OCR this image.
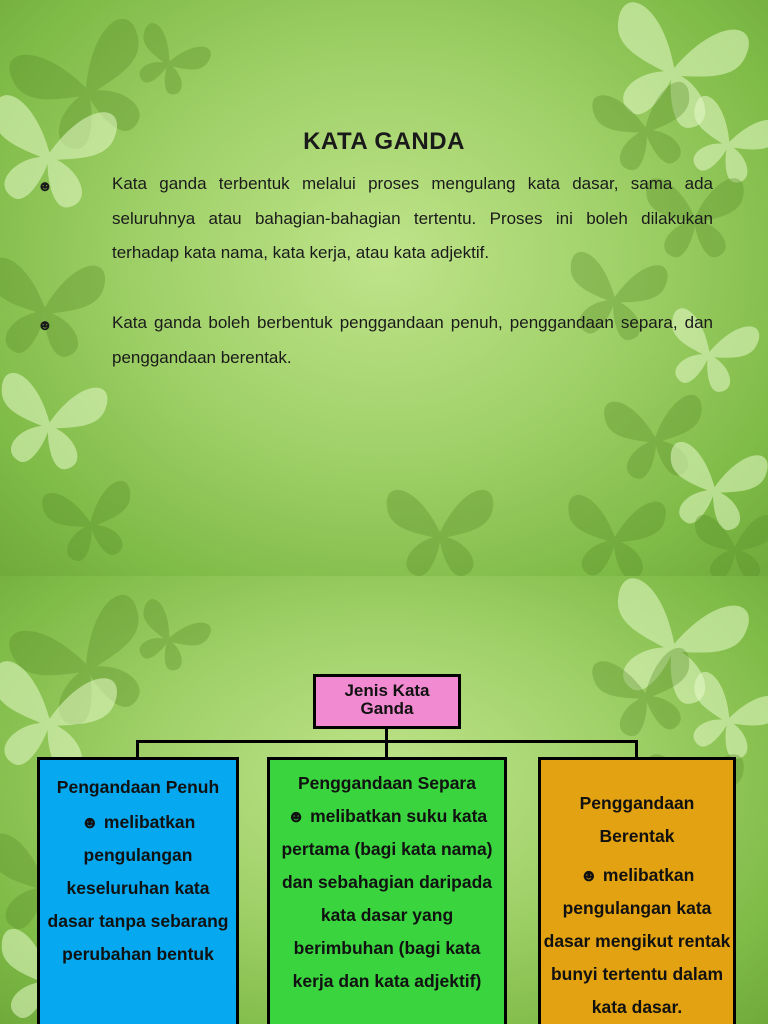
KATA GANDA
☻	Kata ganda terbentuk melalui proses mengulang kata dasar, sama ada seluruhnya atau bahagian-bahagian tertentu. Proses ini boleh dilakukan terhadap kata nama, kata kerja, atau kata adjektif.

☻	Kata ganda boleh berbentuk penggandaan penuh, penggandaan separa, dan penggandaan berentak.

Jenis Kata Ganda
Pengandaan Penuh
☻ melibatkan pengulangan keseluruhan kata dasar tanpa sebarang perubahan bentuk
Penggandaan Separa
☻ melibatkan suku kata pertama (bagi kata nama) dan sebahagian daripada kata dasar yang berimbuhan (bagi kata kerja dan kata adjektif)
Penggandaan Berentak
☻ melibatkan pengulangan kata dasar mengikut rentak bunyi tertentu dalam kata dasar.
